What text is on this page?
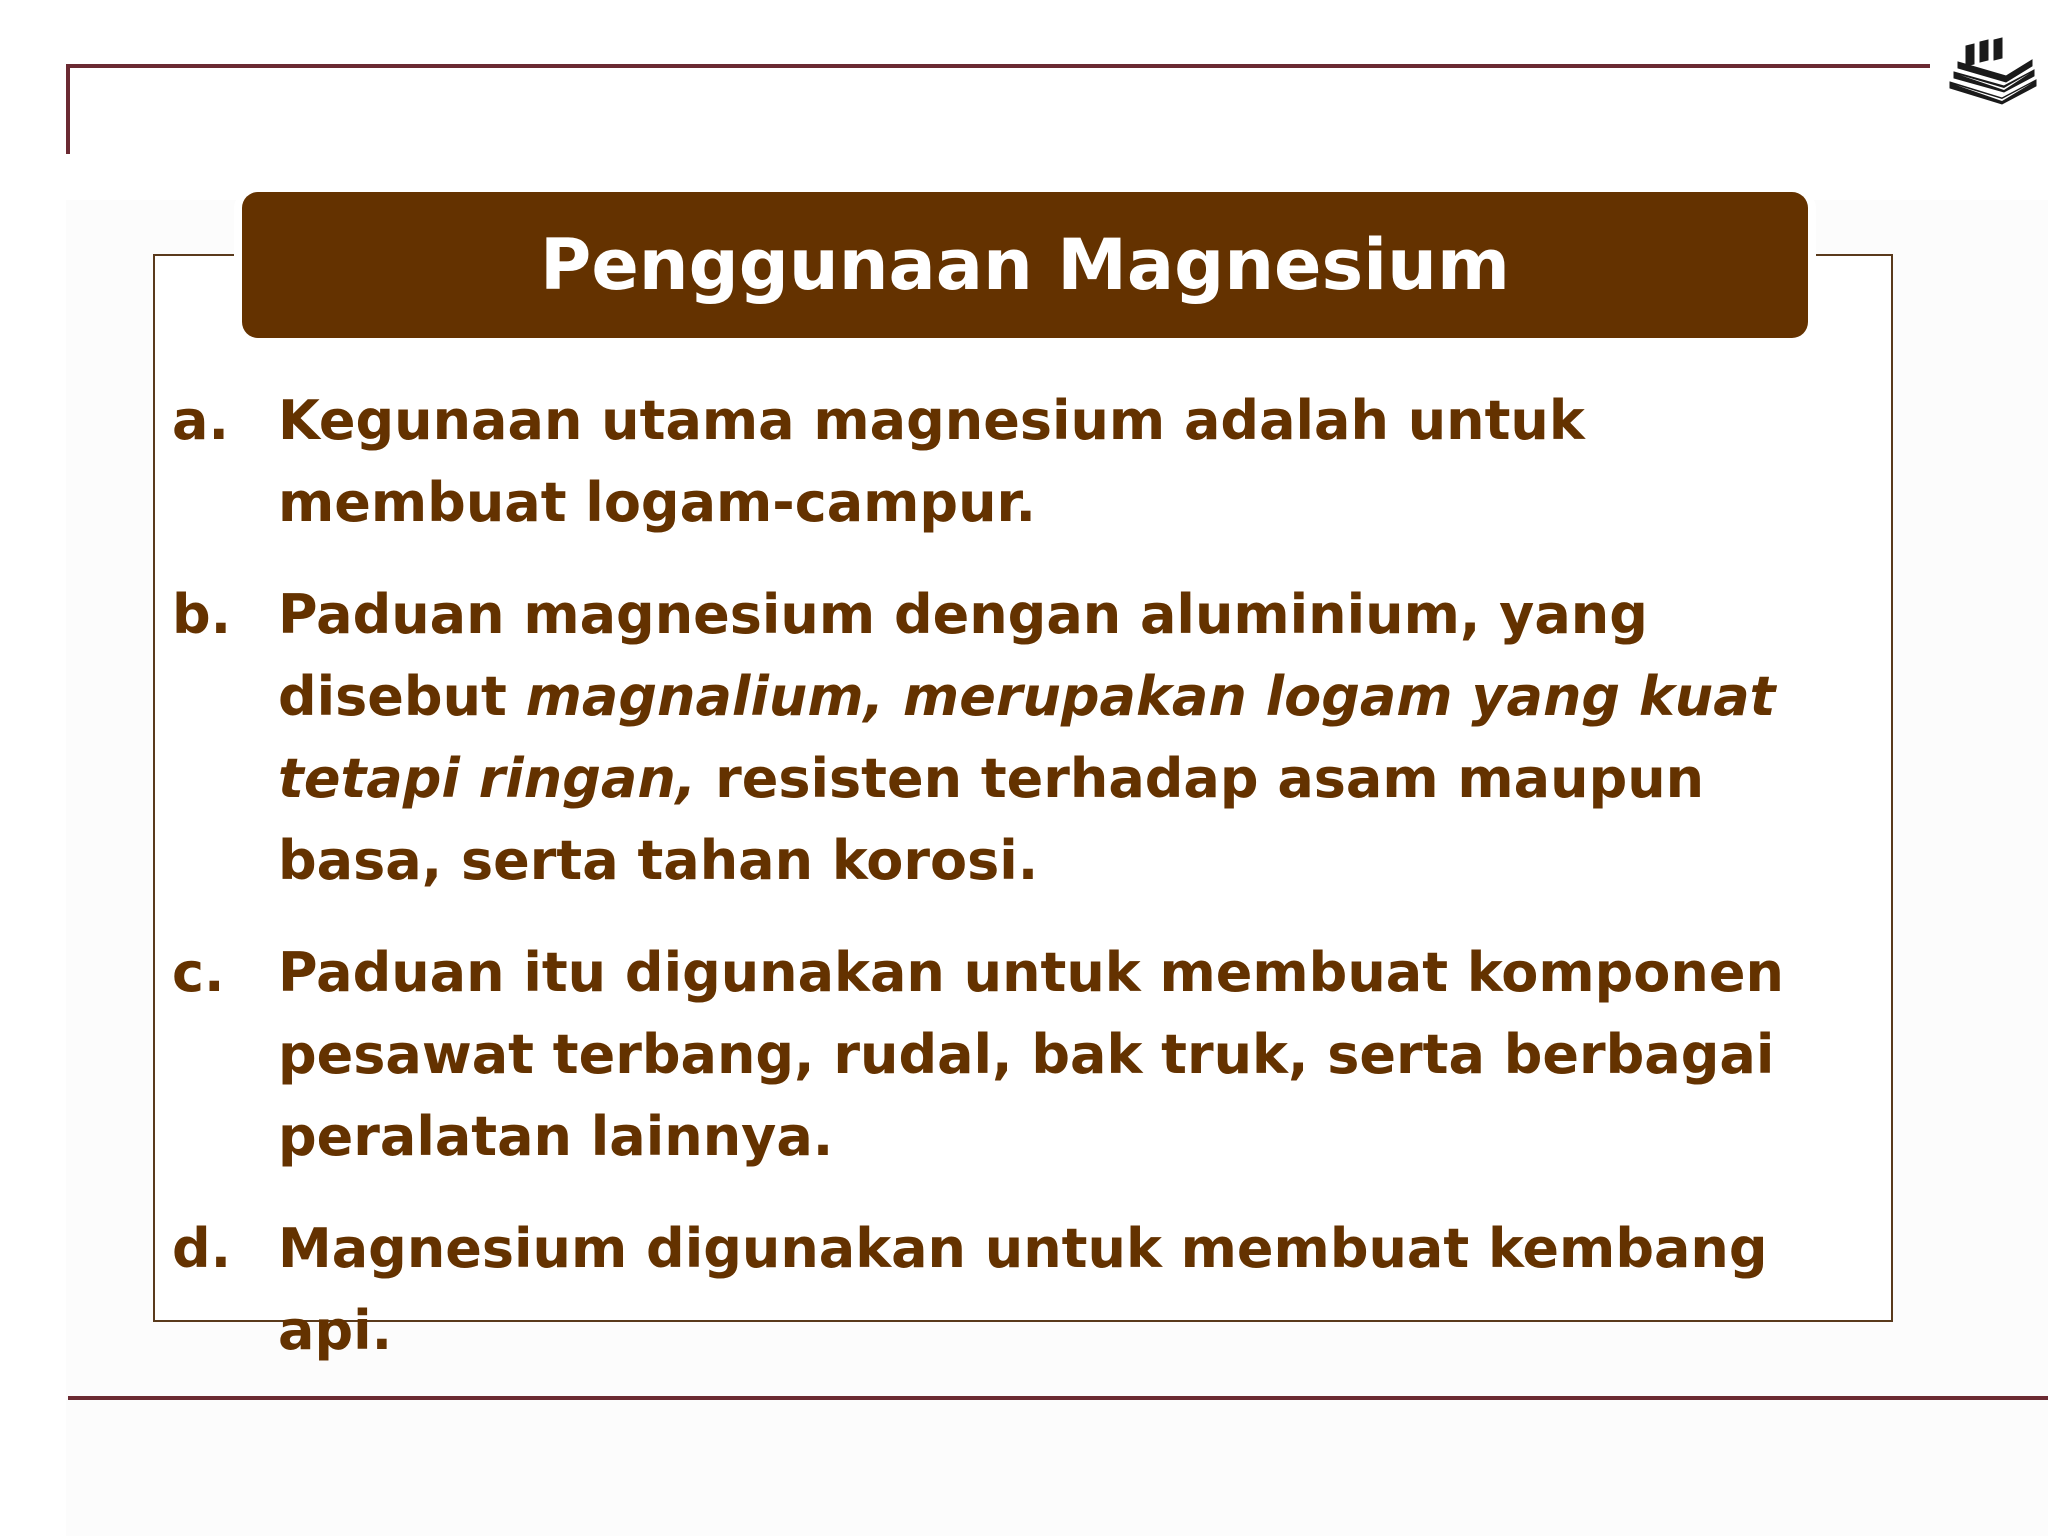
Penggunaan Magnesium
a. Kegunaan utama magnesium adalah untuk membuat logam-campur.
b. Paduan magnesium dengan aluminium, yang disebut magnalium, merupakan logam yang kuat tetapi ringan, resisten terhadap asam maupun basa, serta tahan korosi.
c. Paduan itu digunakan untuk membuat komponen pesawat terbang, rudal, bak truk, serta berbagai peralatan lainnya.
d. Magnesium digunakan untuk membuat kembang api.
